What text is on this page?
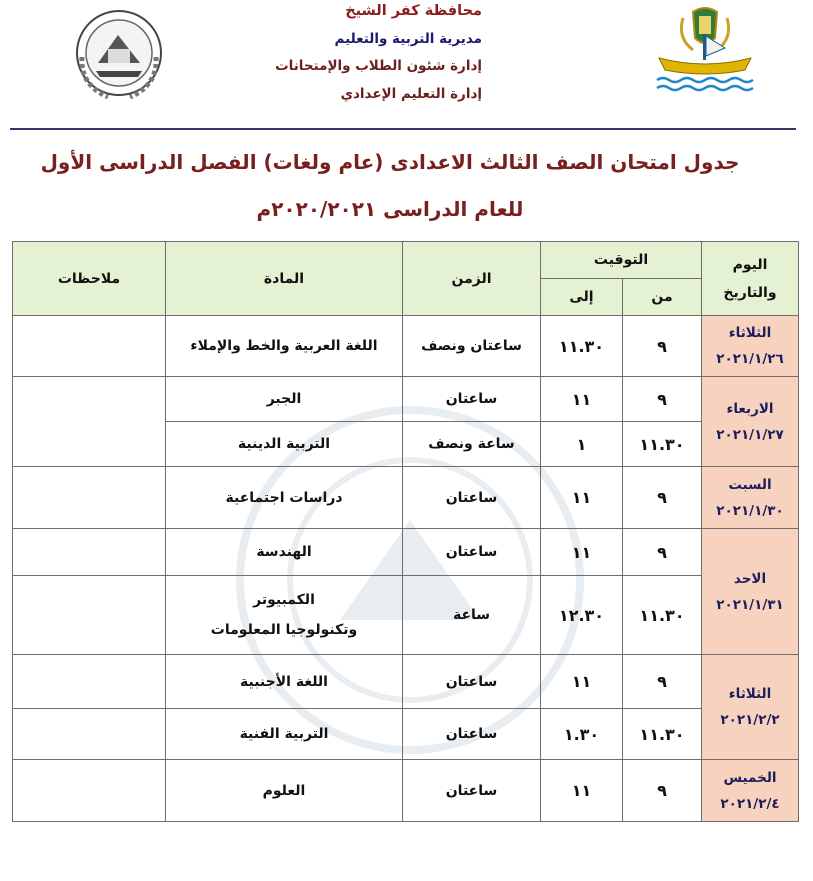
محافظة كفر الشيخ
مديرية التربية والتعليم
إدارة شئون الطلاب والإمتحانات
إدارة التعليم الإعدادي
جدول امتحان الصف الثالث الاعدادى (عام ولغات) الفصل الدراسى الأول
للعام الدراسى ٢٠٢٠/٢٠٢١م
اليوم
والتاريخ	التوقيت		الزمن	المادة	ملاحظات
	من	إلى			

الثلاثاء
٢٠٢١/١/٢٦	٩	١١.٣٠	ساعتان ونصف	اللغة العربية والخط والإملاء	

الاربعاء
٢٠٢١/١/٢٧	٩	١١	ساعتان	الجبر	
	١١.٣٠	١	ساعة ونصف	التربية الدينية	

السبت
٢٠٢١/١/٣٠	٩	١١	ساعتان	دراسات اجتماعية	

الاحد
٢٠٢١/١/٣١	٩	١١	ساعتان	الهندسة	
	١١.٣٠	١٢.٣٠	ساعة	الكمبيوتر
وتكنولوجيا المعلومات	

الثلاثاء
٢٠٢١/٢/٢	٩	١١	ساعتان	اللغة الأجنبية	
	١١.٣٠	١.٣٠	ساعتان	التربية الفنية	

الخميس
٢٠٢١/٢/٤	٩	١١	ساعتان	العلوم	
